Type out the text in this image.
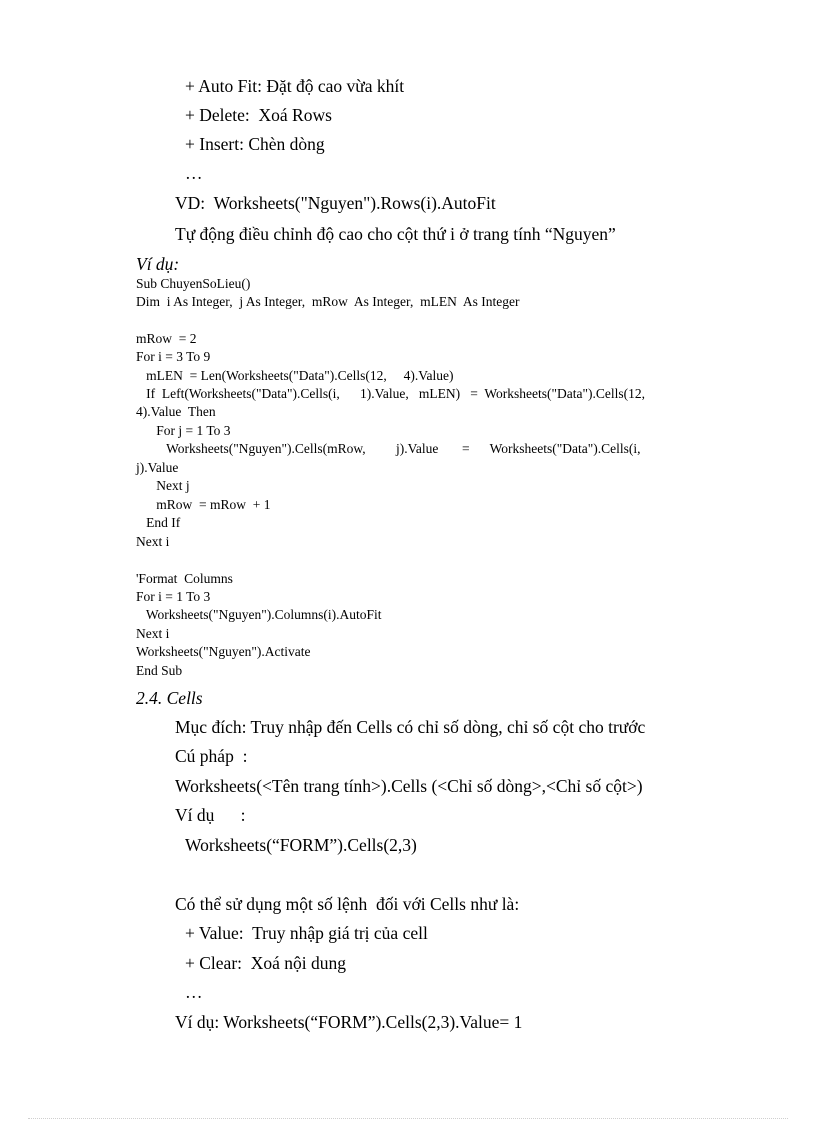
+ Auto Fit: Đặt độ cao vừa khít
+ Delete:  Xoá Rows
+ Insert: Chèn dòng
…
VD:  Worksheets("Nguyen").Rows(i).AutoFit
Tự động điều chỉnh độ cao cho cột thứ i ở trang tính “Nguyen”
Ví dụ:
Sub ChuyenSoLieu()
Dim  i As Integer,  j As Integer,  mRow  As Integer,  mLEN  As Integer
mRow  = 2
For i = 3 To 9
mLEN  = Len(Worksheets("Data").Cells(12,     4).Value)
If  Left(Worksheets("Data").Cells(i,      1).Value,   mLEN)   =  Worksheets("Data").Cells(12,
4).Value  Then
For j = 1 To 3
Worksheets("Nguyen").Cells(mRow,         j).Value       =      Worksheets("Data").Cells(i,
j).Value
Next j
mRow  = mRow  + 1
End If
Next i
'Format  Columns
For i = 1 To 3
Worksheets("Nguyen").Columns(i).AutoFit
Next i
Worksheets("Nguyen").Activate
End Sub
2.4. Cells
Mục đích: Truy nhập đến Cells có chỉ số dòng, chỉ số cột cho trước
Cú pháp  :
Worksheets(<Tên trang tính>).Cells (<Chỉ số dòng>,<Chỉ số cột>)
Ví dụ      :
Worksheets(“FORM”).Cells(2,3)
Có thể sử dụng một số lệnh  đối với Cells như là:
+ Value:  Truy nhập giá trị của cell
+ Clear:  Xoá nội dung
…
Ví dụ: Worksheets(“FORM”).Cells(2,3).Value= 1
